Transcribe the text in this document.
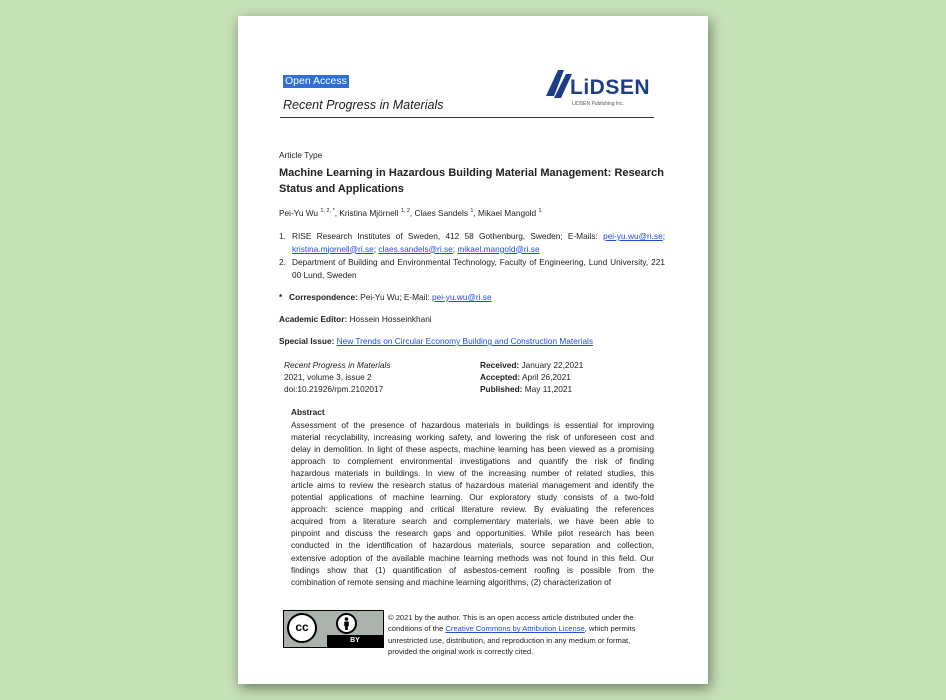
Open Access
Recent Progress in Materials
LiDSEN
LIDSEN Publishing Inc.
Article Type
Machine Learning in Hazardous Building Material Management: Research Status and Applications
Pei-Yu Wu $^{1, 2, *}$, Kristina Mjörnell $^{1, 2}$, Claes Sandels $^1$, Mikael Mangold $^1$
1. RISE Research Institutes of Sweden, 412 58 Gothenburg, Sweden; E-Mails: pei-yu.wu@ri.se; kristina.mjornell@ri.se; claes.sandels@ri.se; mikael.mangold@ri.se
2. Department of Building and Environmental Technology, Faculty of Engineering, Lund University, 221 00 Lund, Sweden
* Correspondence: Pei-Yu Wu; E-Mail: pei-yu.wu@ri.se
Academic Editor: Hossein Hosseinkhani
Special Issue: New Trends on Circular Economy Building and Construction Materials
Recent Progress in Materials
2021, volume 3, issue 2
doi:10.21926/rpm.2102017
Received: January 22,2021
Accepted: April 26,2021
Published: May 11,2021
Abstract
Assessment of the presence of hazardous materials in buildings is essential for improving
material recyclability, increasing working safety, and lowering the risk of unforeseen cost and
delay in demolition. In light of these aspects, machine learning has been viewed as a promising
approach to complement environmental investigations and quantify the risk of finding
hazardous materials in buildings. In view of the increasing number of related studies, this
article aims to review the research status of hazardous material management and identify the
potential applications of machine learning. Our exploratory study consists of a two-fold
approach: science mapping and critical literature review. By evaluating the references
acquired from a literature search and complementary materials, we have been able to
pinpoint and discuss the research gaps and opportunities. While pilot research has been
conducted in the identification of hazardous materials, source separation and collection,
extensive adoption of the available machine learning methods was not found in this field. Our
findings show that (1) quantification of asbestos-cement roofing is possible from the
combination of remote sensing and machine learning algorithms, (2) characterization of
cc
BY
© 2021 by the author. This is an open access article distributed under the conditions of the Creative Commons by Attribution License, which permits unrestricted use, distribution, and reproduction in any medium or format, provided the original work is correctly cited.
